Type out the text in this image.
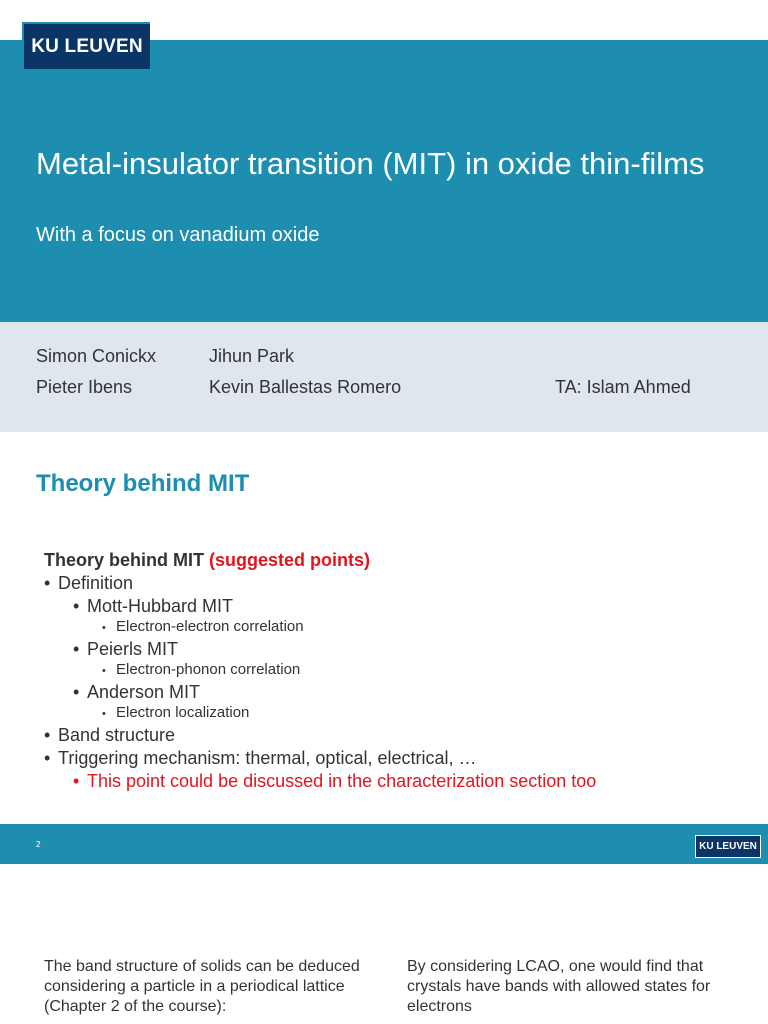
KU LEUVEN
Metal-insulator transition (MIT) in oxide thin-films
With a focus on vanadium oxide
Simon Conickx	Jihun Park
Pieter Ibens	Kevin Ballestas Romero	TA: Islam Ahmed
Theory behind MIT
Theory behind MIT (suggested points)
• Definition
• Mott-Hubbard MIT
• Electron-electron correlation
• Peierls MIT
• Electron-phonon correlation
• Anderson MIT
• Electron localization
• Band structure
• Triggering mechanism: thermal, optical, electrical, …
• This point could be discussed in the characterization section too
2	KU LEUVEN
The band structure of solids can be deduced considering a particle in a periodical lattice (Chapter 2 of the course):
By considering LCAO, one would find that crystals have bands with allowed states for electrons
